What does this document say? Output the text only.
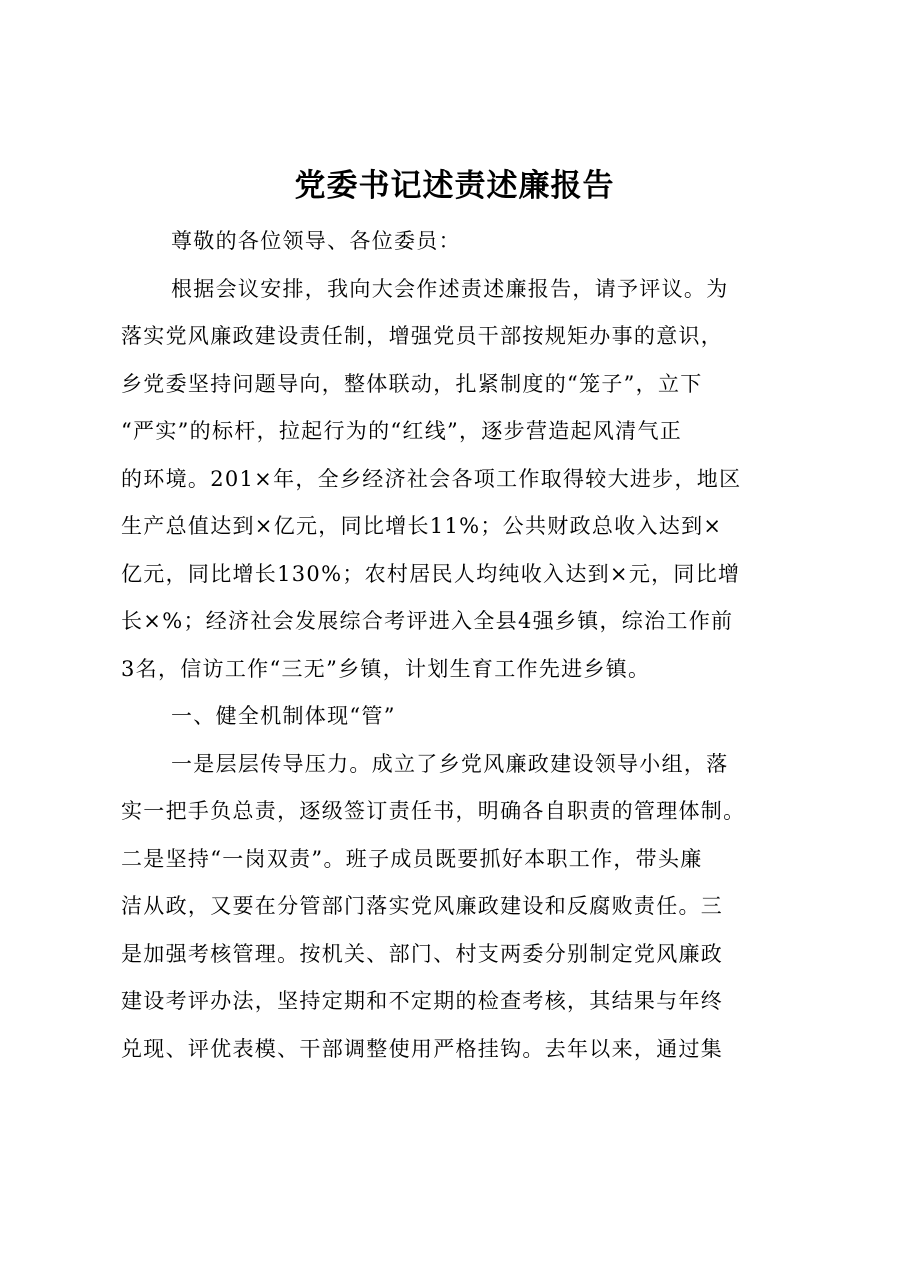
党委书记述责述廉报告
尊敬的各位领导、各位委员：
根据会议安排，我向大会作述责述廉报告，请予评议。为
落实党风廉政建设责任制，增强党员干部按规矩办事的意识，
乡党委坚持问题导向，整体联动，扎紧制度的“笼子”，立下
“严实”的标杆，拉起行为的“红线”，逐步营造起风清气正
的环境。201×年，全乡经济社会各项工作取得较大进步，地区
生产总值达到×亿元，同比增长11%；公共财政总收入达到×
亿元，同比增长130%；农村居民人均纯收入达到×元，同比增
长×%；经济社会发展综合考评进入全县4强乡镇，综治工作前
3名，信访工作“三无”乡镇，计划生育工作先进乡镇。
一、健全机制体现“管”
一是层层传导压力。成立了乡党风廉政建设领导小组，落
实一把手负总责，逐级签订责任书，明确各自职责的管理体制。
二是坚持“一岗双责”。班子成员既要抓好本职工作，带头廉
洁从政，又要在分管部门落实党风廉政建设和反腐败责任。三
是加强考核管理。按机关、部门、村支两委分别制定党风廉政
建设考评办法，坚持定期和不定期的检查考核，其结果与年终
兑现、评优表模、干部调整使用严格挂钩。去年以来，通过集
